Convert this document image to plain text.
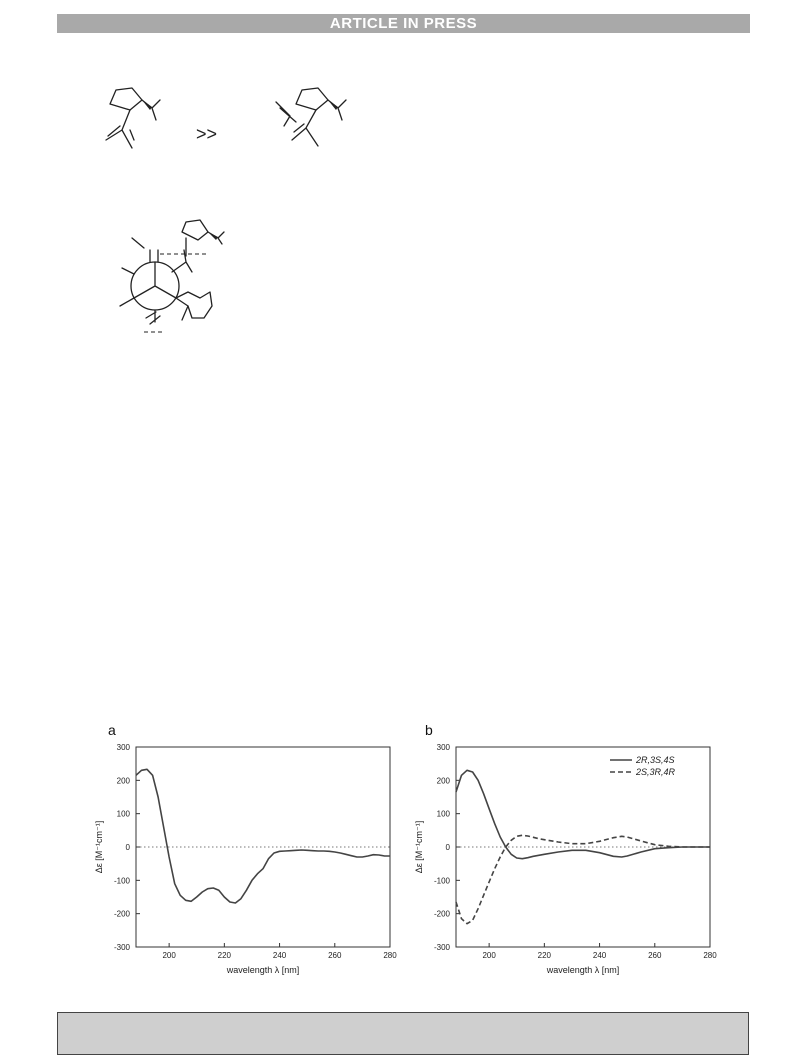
ARTICLE IN PRESS
>>
a	b
300
200
100
0
-100
-200
-300
200	220	240	260	280
wavelength λ [nm]
Δε [M⁻¹cm⁻¹]
300
200
100
0
-100
-200
-300
200	220	240	260	280
wavelength λ [nm]
Δε [M⁻¹cm⁻¹]
2R,3S,4S
2S,3R,4R
